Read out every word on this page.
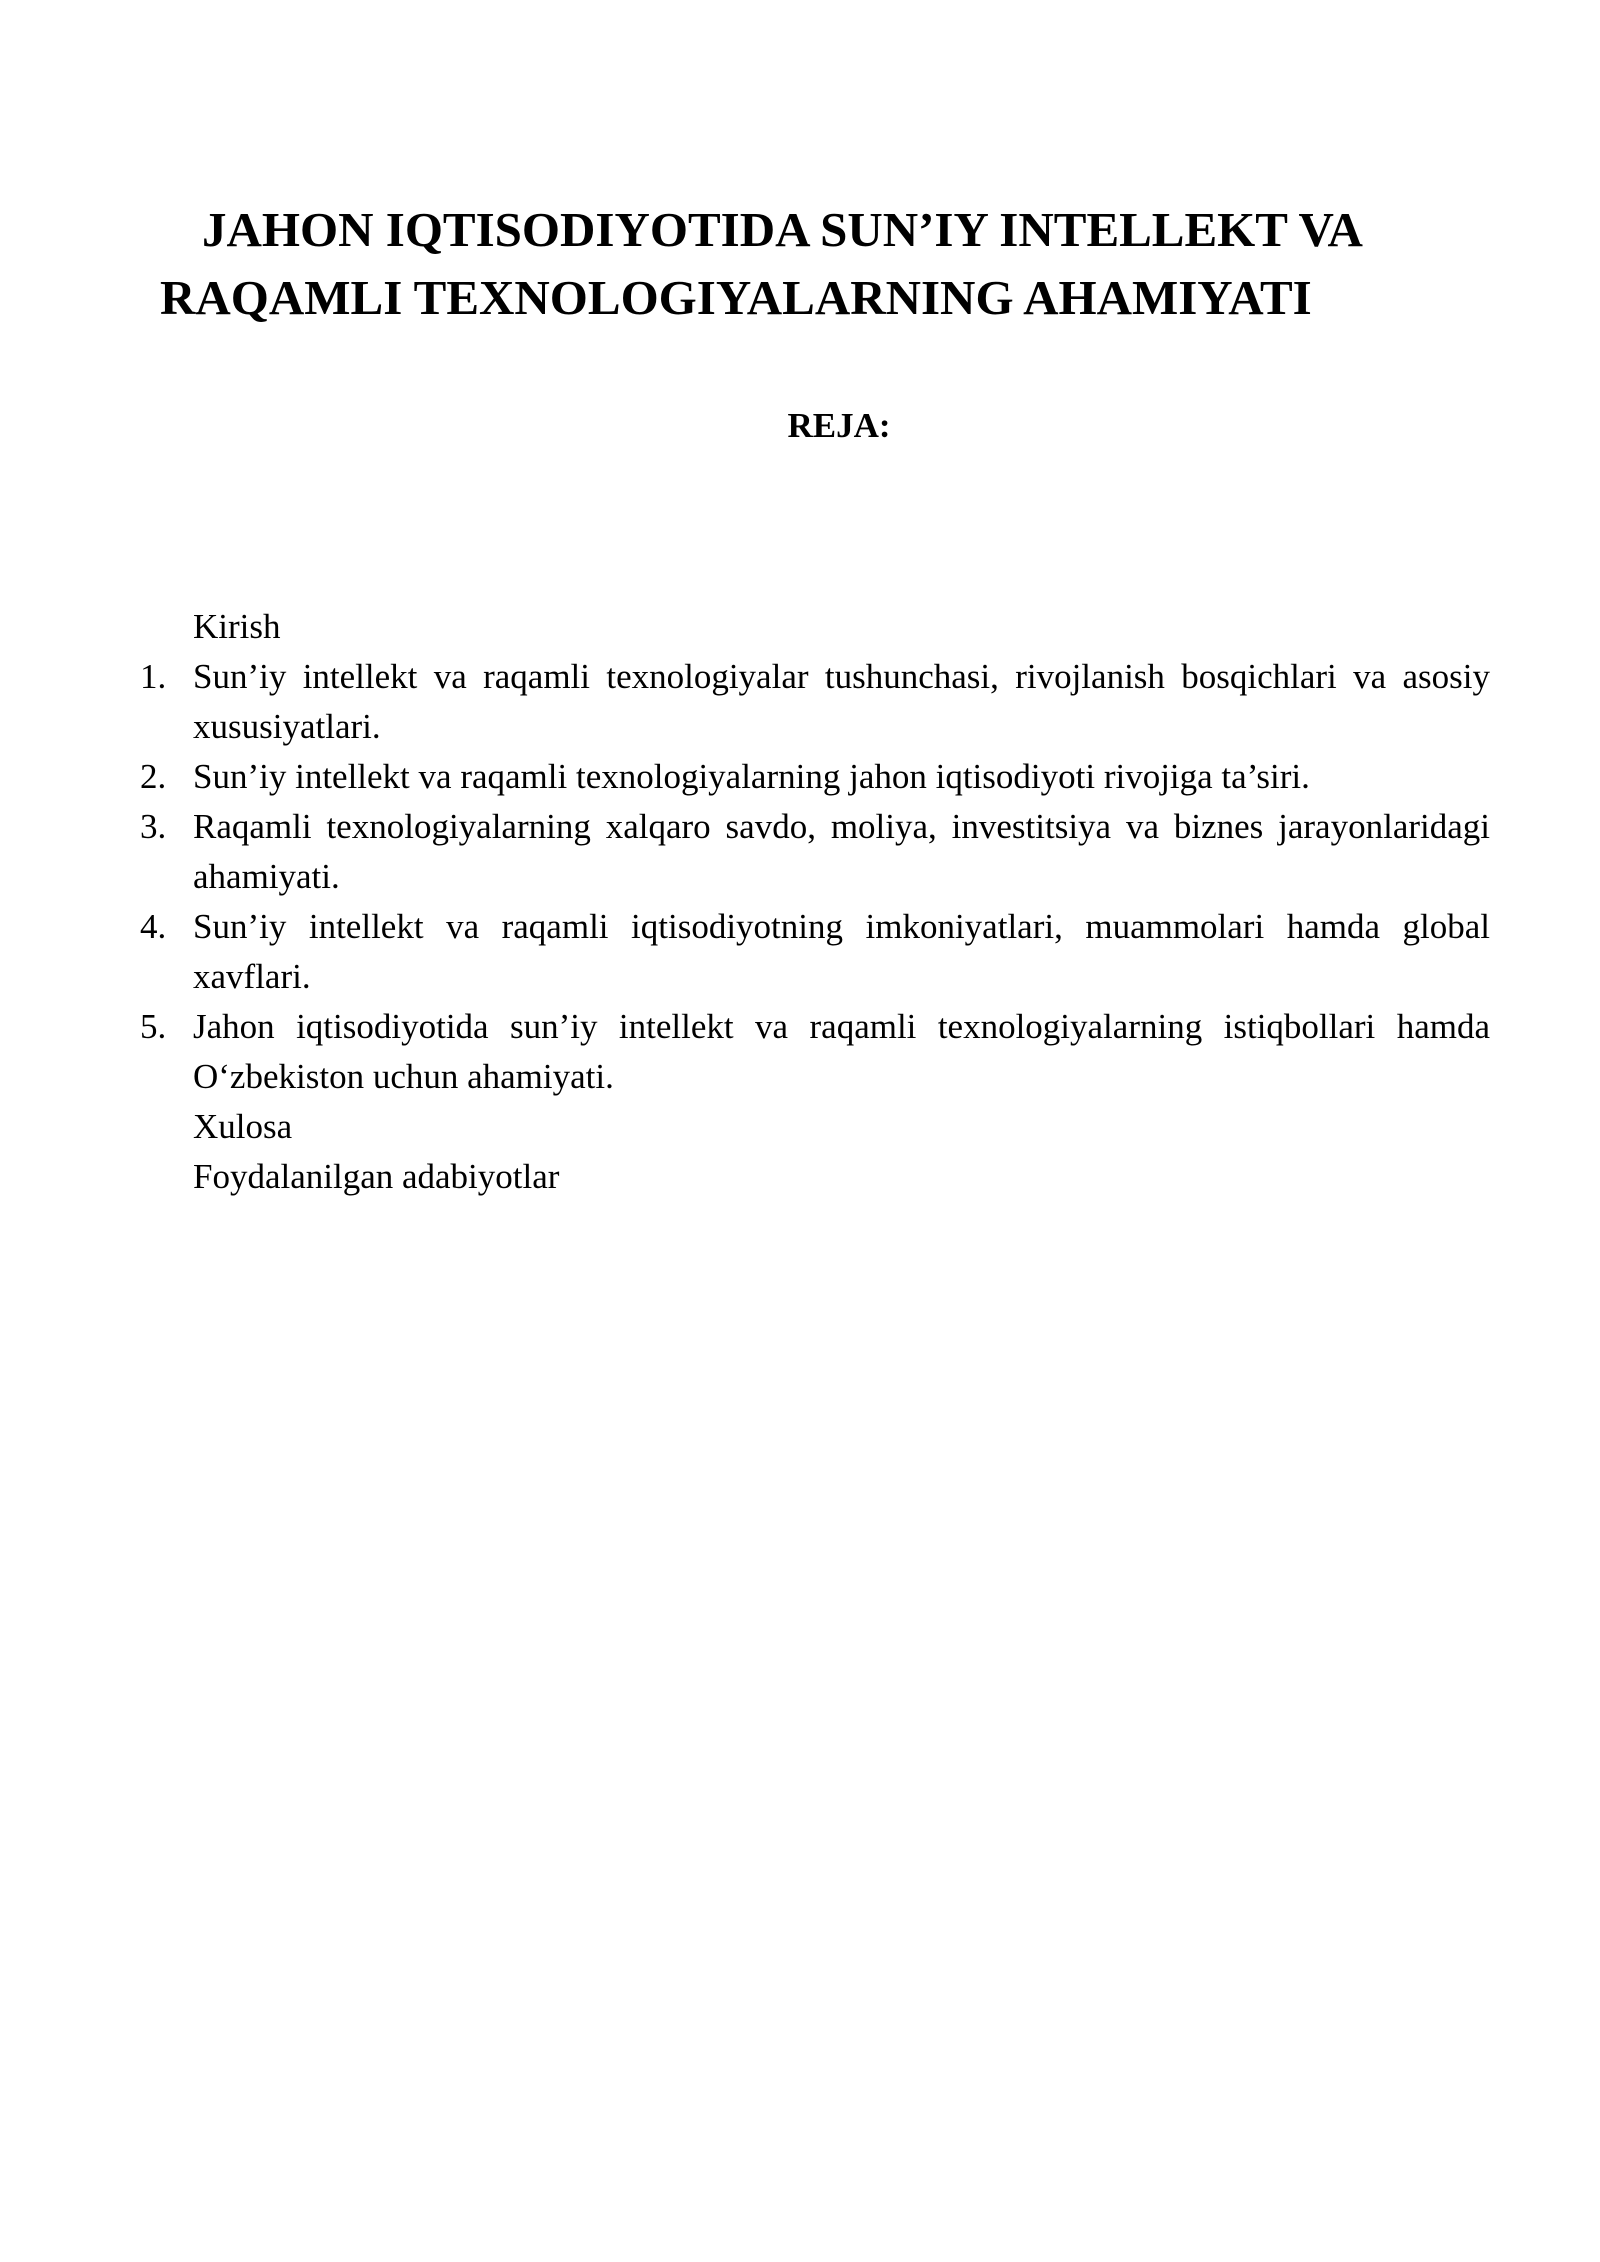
JAHON IQTISODIYOTIDA SUN’IY INTELLEKT VA
RAQAMLI TEXNOLOGIYALARNING AHAMIYATI
REJA:
Kirish
1. Sun’iy intellekt va raqamli texnologiyalar tushunchasi, rivojlanish bosqichlari va asosiy xususiyatlari.
2. Sun’iy intellekt va raqamli texnologiyalarning jahon iqtisodiyoti rivojiga ta’siri.
3. Raqamli texnologiyalarning xalqaro savdo, moliya, investitsiya va biznes jarayonlaridagi ahamiyati.
4. Sun’iy intellekt va raqamli iqtisodiyotning imkoniyatlari, muammolari hamda global xavflari.
5. Jahon iqtisodiyotida sun’iy intellekt va raqamli texnologiyalarning istiqbollari hamda O‘zbekiston uchun ahamiyati.
Xulosa
Foydalanilgan adabiyotlar
